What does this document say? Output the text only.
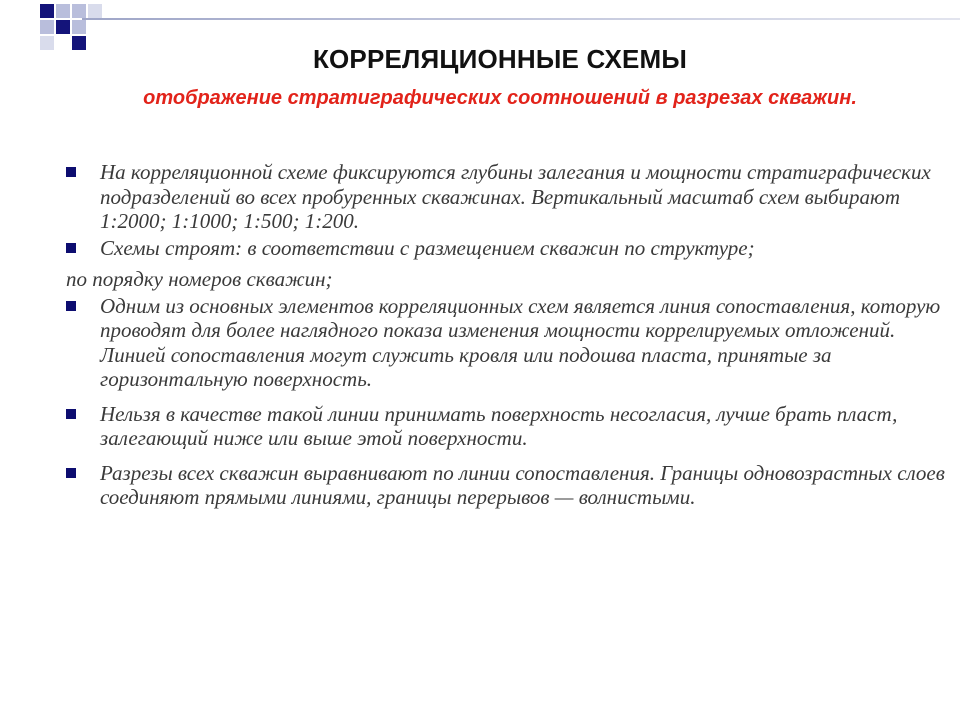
КОРРЕЛЯЦИОННЫЕ СХЕМЫ
отображение стратиграфических соотношений в разрезах скважин.
На корреляционной схеме фиксируются глубины залегания и мощности стратиграфических подразделений во всех пробуренных скважинах. Вертикальный масштаб схем выбирают 1:2000; 1:1000; 1:500; 1:200.
Схемы строят: в соответствии с размещением скважин по структуре;
по порядку номеров скважин;
Одним из основных элементов корреляционных схем является линия сопоставления, которую проводят для более наглядного показа изменения мощности коррелируемых отложений. Линией сопоставления могут служить кровля или подошва пласта, принятые за горизонтальную поверхность.
Нельзя в качестве такой линии принимать поверхность несогласия, лучше брать пласт, залегающий ниже или выше этой поверхности.
Разрезы всех скважин выравнивают по линии сопоставления. Границы одновозрастных слоев соединяют прямыми линиями, границы перерывов — волнистыми.
